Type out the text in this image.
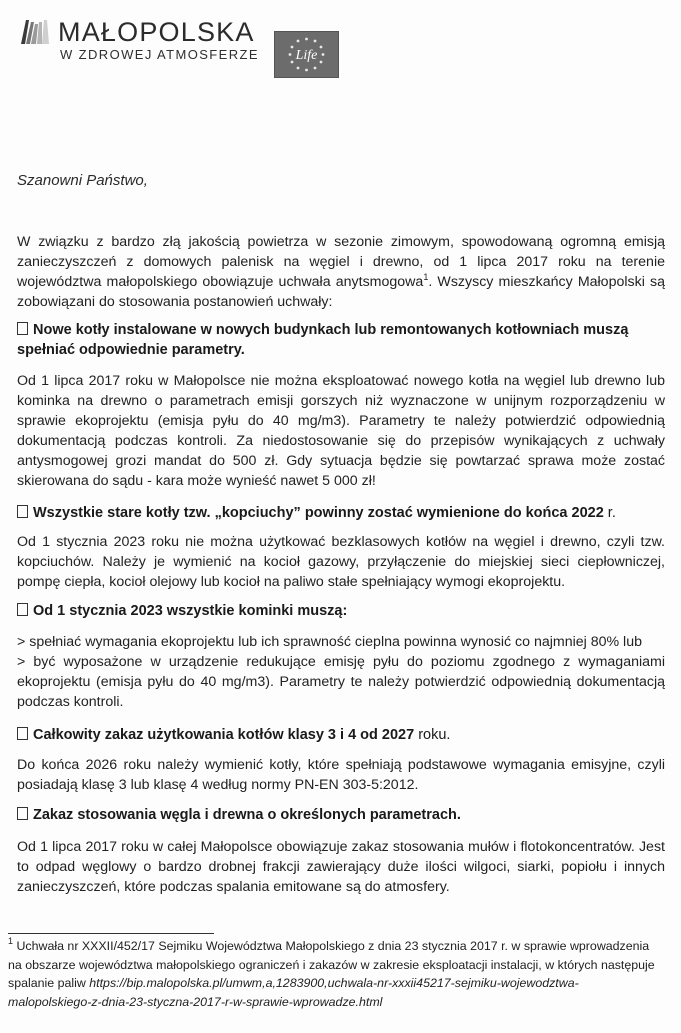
MAŁOPOLSKA
W ZDROWEJ ATMOSFERZE	Life
Szanowni Państwo,

W związku z bardzo złą jakością powietrza w sezonie zimowym, spowodowaną ogromną emisją zanieczyszczeń z domowych palenisk na węgiel i drewno, od 1 lipca 2017 roku na terenie województwa małopolskiego obowiązuje uchwała anytsmogowa$^1$. Wszyscy mieszkańcy Małopolski są zobowiązani do stosowania postanowień uchwały:

Nowe kotły instalowane w nowych budynkach lub remontowanych kotłowniach muszą spełniać odpowiednie parametry.

Od 1 lipca 2017 roku w Małopolsce nie można eksploatować nowego kotła na węgiel lub drewno lub kominka na drewno o parametrach emisji gorszych niż wyznaczone w unijnym rozporządzeniu w sprawie ekoprojektu (emisja pyłu do 40 mg/m3). Parametry te należy potwierdzić odpowiednią dokumentacją podczas kontroli. Za niedostosowanie się do przepisów wynikających z uchwały antysmogowej grozi mandat do 500 zł. Gdy sytuacja będzie się powtarzać sprawa może zostać skierowana do sądu - kara może wynieść nawet 5 000 zł!

Wszystkie stare kotły tzw. „kopciuchy” powinny zostać wymienione do końca 2022 r.

Od 1 stycznia 2023 roku nie można użytkować bezklasowych kotłów na węgiel i drewno, czyli tzw. kopciuchów. Należy je wymienić na kocioł gazowy, przyłączenie do miejskiej sieci ciepłowniczej, pompę ciepła, kocioł olejowy lub kocioł na paliwo stałe spełniający wymogi ekoprojektu.

Od 1 stycznia 2023 wszystkie kominki muszą:

> spełniać wymagania ekoprojektu lub ich sprawność cieplna powinna wynosić co najmniej 80% lub

> być wyposażone w urządzenie redukujące emisję pyłu do poziomu zgodnego z wymaganiami ekoprojektu (emisja pyłu do 40 mg/m3). Parametry te należy potwierdzić odpowiednią dokumentacją podczas kontroli.

Całkowity zakaz użytkowania kotłów klasy 3 i 4 od 2027 roku.

Do końca 2026 roku należy wymienić kotły, które spełniają podstawowe wymagania emisyjne, czyli posiadają klasę 3 lub klasę 4 według normy PN-EN 303-5:2012.

Zakaz stosowania węgla i drewna o określonych parametrach.

Od 1 lipca 2017 roku w całej Małopolsce obowiązuje zakaz stosowania mułów i flotokoncentratów. Jest to odpad węglowy o bardzo drobnej frakcji zawierający duże ilości wilgoci, siarki, popiołu i innych zanieczyszczeń, które podczas spalania emitowane są do atmosfery.

$^1$ Uchwała nr XXXII/452/17 Sejmiku Województwa Małopolskiego z dnia 23 stycznia 2017 r. w sprawie wprowadzenia na obszarze województwa małopolskiego ograniczeń i zakazów w zakresie eksploatacji instalacji, w których następuje spalanie paliw https://bip.malopolska.pl/umwm,a,1283900,uchwala-nr-xxxii45217-sejmiku-wojewodztwa-malopolskiego-z-dnia-23-styczna-2017-r-w-sprawie-wprowadze.html
